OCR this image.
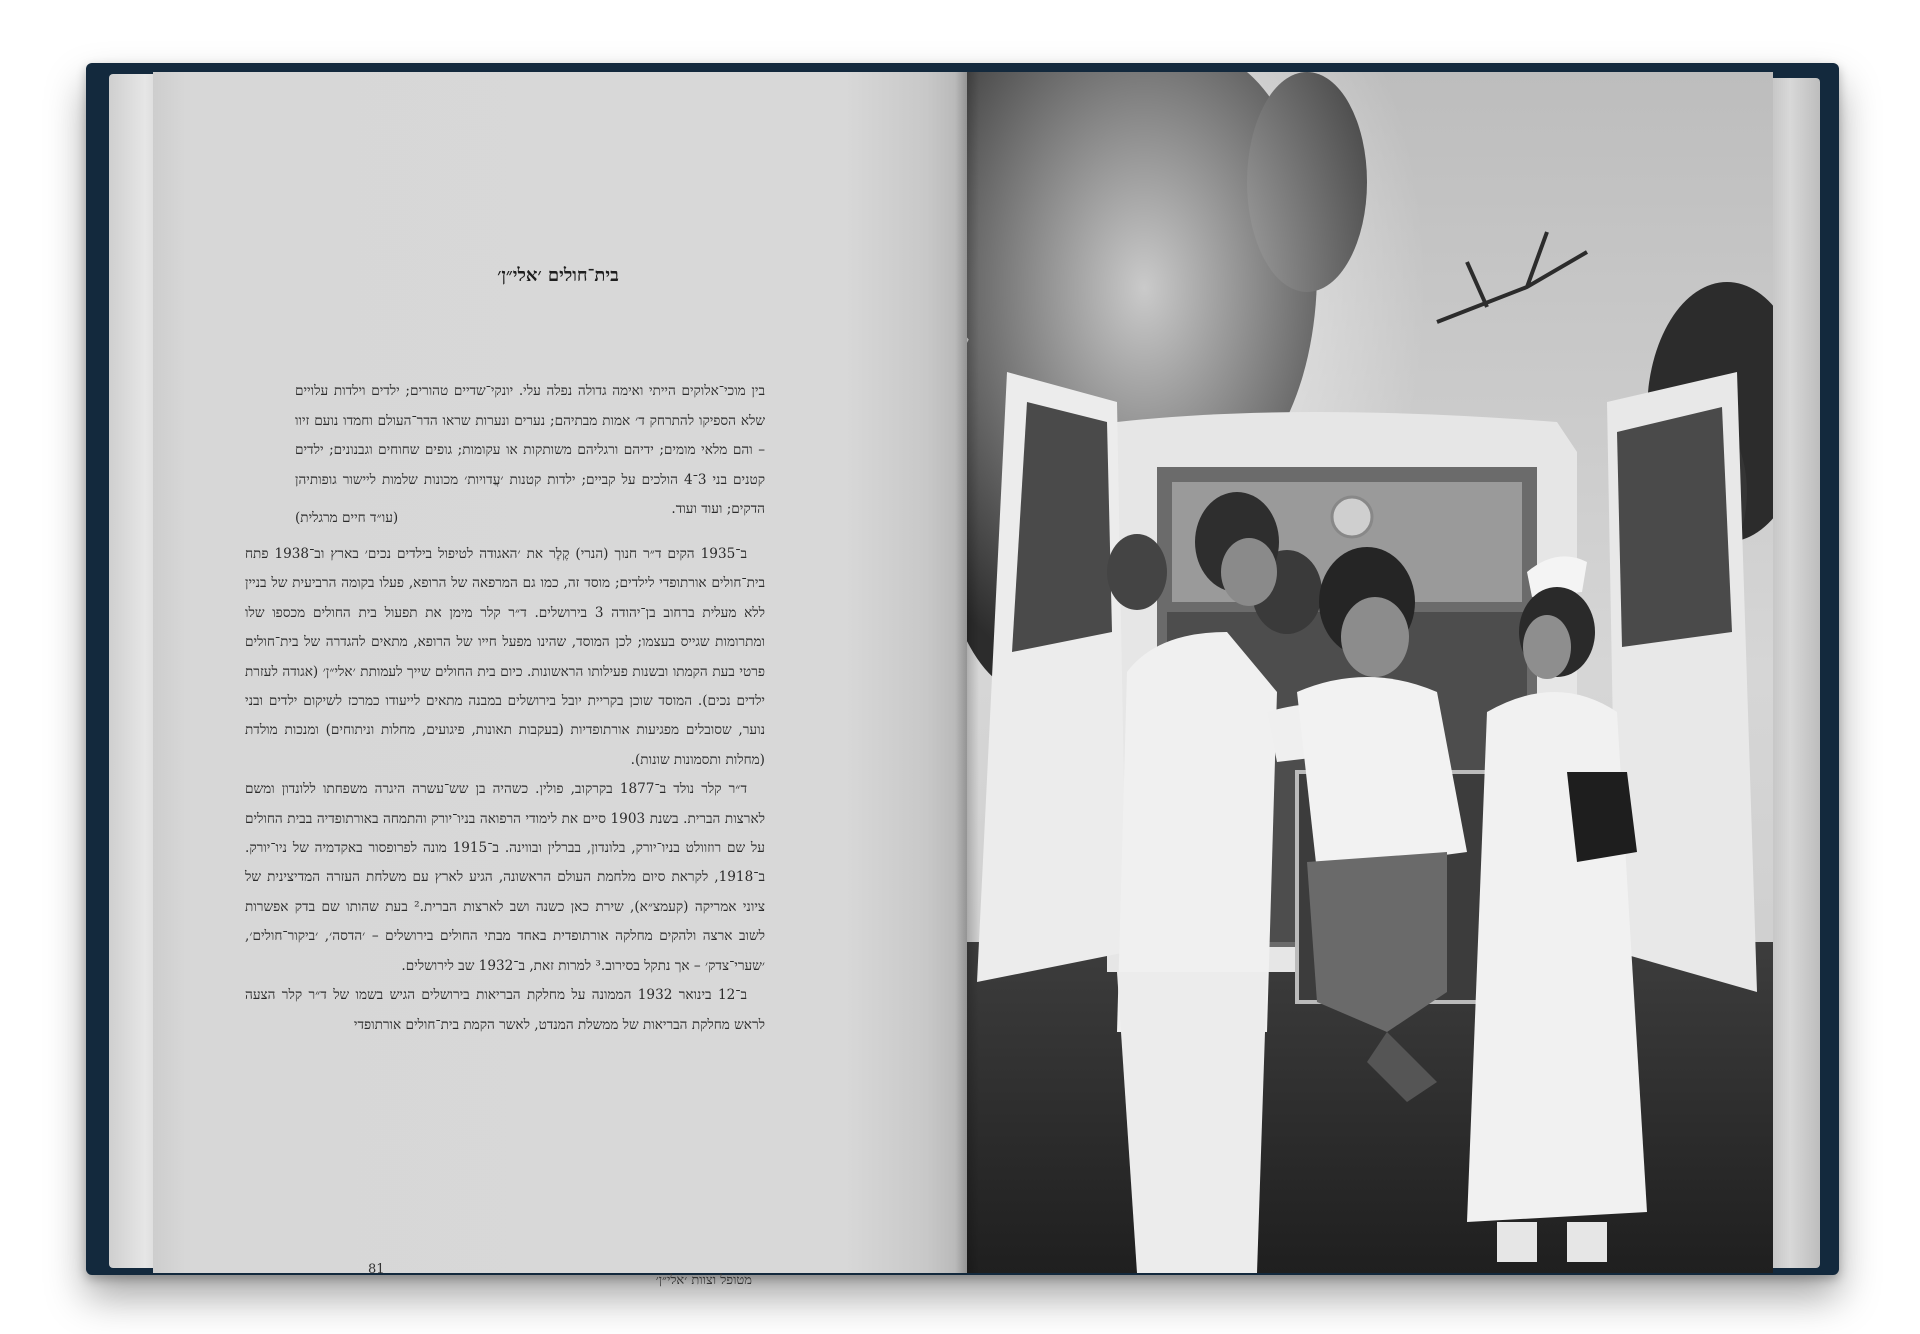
בית־חולים ׳אלי״ן׳
בין מוכי־אלוקים הייתי ואימה גדולה נפלה עלי. יונקי־שדיים טהורים; ילדים וילדות עלויים שלא הספיקו להתרחק ד׳ אמות מבתיהם; נערים ונערות שראו הדר־העולם וחמדו נועם זיוו – והם מלאי מומים; ידיהם ורגליהם משותקות או עקומות; גופים שחוחים וגבנונים; ילדים קטנים בני 3־4 הולכים על קביים; ילדות קטנות ׳עֲדויות׳ מכונות שלמות ליישור גופותיהן הדקים; ועוד ועוד.
(עו״ד חיים מרגלית)

ב־1935 הקים ד״ר חנוך (הנרי) קֶלֶר את ׳האגודה לטיפול בילדים נכים׳ בארץ וב־1938 פתח בית־חולים אורתופדי לילדים; מוסד זה, כמו גם המרפאה של הרופא, פעלו בקומה הרביעית של בניין ללא מעלית ברחוב בן־יהודה 3 בירושלים. ד״ר קלר מימן את תפעול בית החולים מכספו שלו ומתרומות שגייס בעצמו; לכן המוסד, שהינו מפעל חייו של הרופא, מתאים להגדרה של בית־חולים פרטי בעת הקמתו ובשנות פעילותו הראשונות. כיום בית החולים שייך לעמותת ׳אלי״ן׳ (אגודה לעזרת ילדים נכים). המוסד שוכן בקריית יובל בירושלים במבנה מתאים לייעודו כמרכז לשיקום ילדים ובני נוער, שסובלים מפגיעות אורתופדיות (בעקבות תאונות, פיגועים, מחלות וניתוחים) ומנכות מולדת (מחלות ותסמונות שונות).

ד״ר קלר נולד ב־1877 בקרקוב, פולין. כשהיה בן שש־עשרה היגרה משפחתו ללונדון ומשם לארצות הברית. בשנת 1903 סיים את לימודי הרפואה בניו־יורק והתמחה באורתופדיה בבית החולים על שם רוזוולט בניו־יורק, בלונדון, בברלין ובווינה. ב־1915 מונה לפרופסור באקדמיה של ניו־יורק. ב־1918, לקראת סיום מלחמת העולם הראשונה, הגיע לארץ עם משלחת העזרה המדיצינית של ציוני אמריקה (קעמצ״א), שירת כאן כשנה ושב לארצות הברית.² בעת שהותו שם בדק אפשרות לשוב ארצה ולהקים מחלקה אורתופדית באחד מבתי החולים בירושלים – ׳הדסה׳, ׳ביקור־חולים׳, ׳שערי־צדק׳ – אך נתקל בסירוב.³ למרות זאת, ב־1932 שב לירושלים.

ב־12 בינואר 1932 הממונה על מחלקת הבריאות בירושלים הגיש בשמו של ד״ר קלר הצעה לראש מחלקת הבריאות של ממשלת המנדט, לאשר הקמת בית־חולים אורתופדי

81
מטופל וצוות ׳אלי״ן׳
